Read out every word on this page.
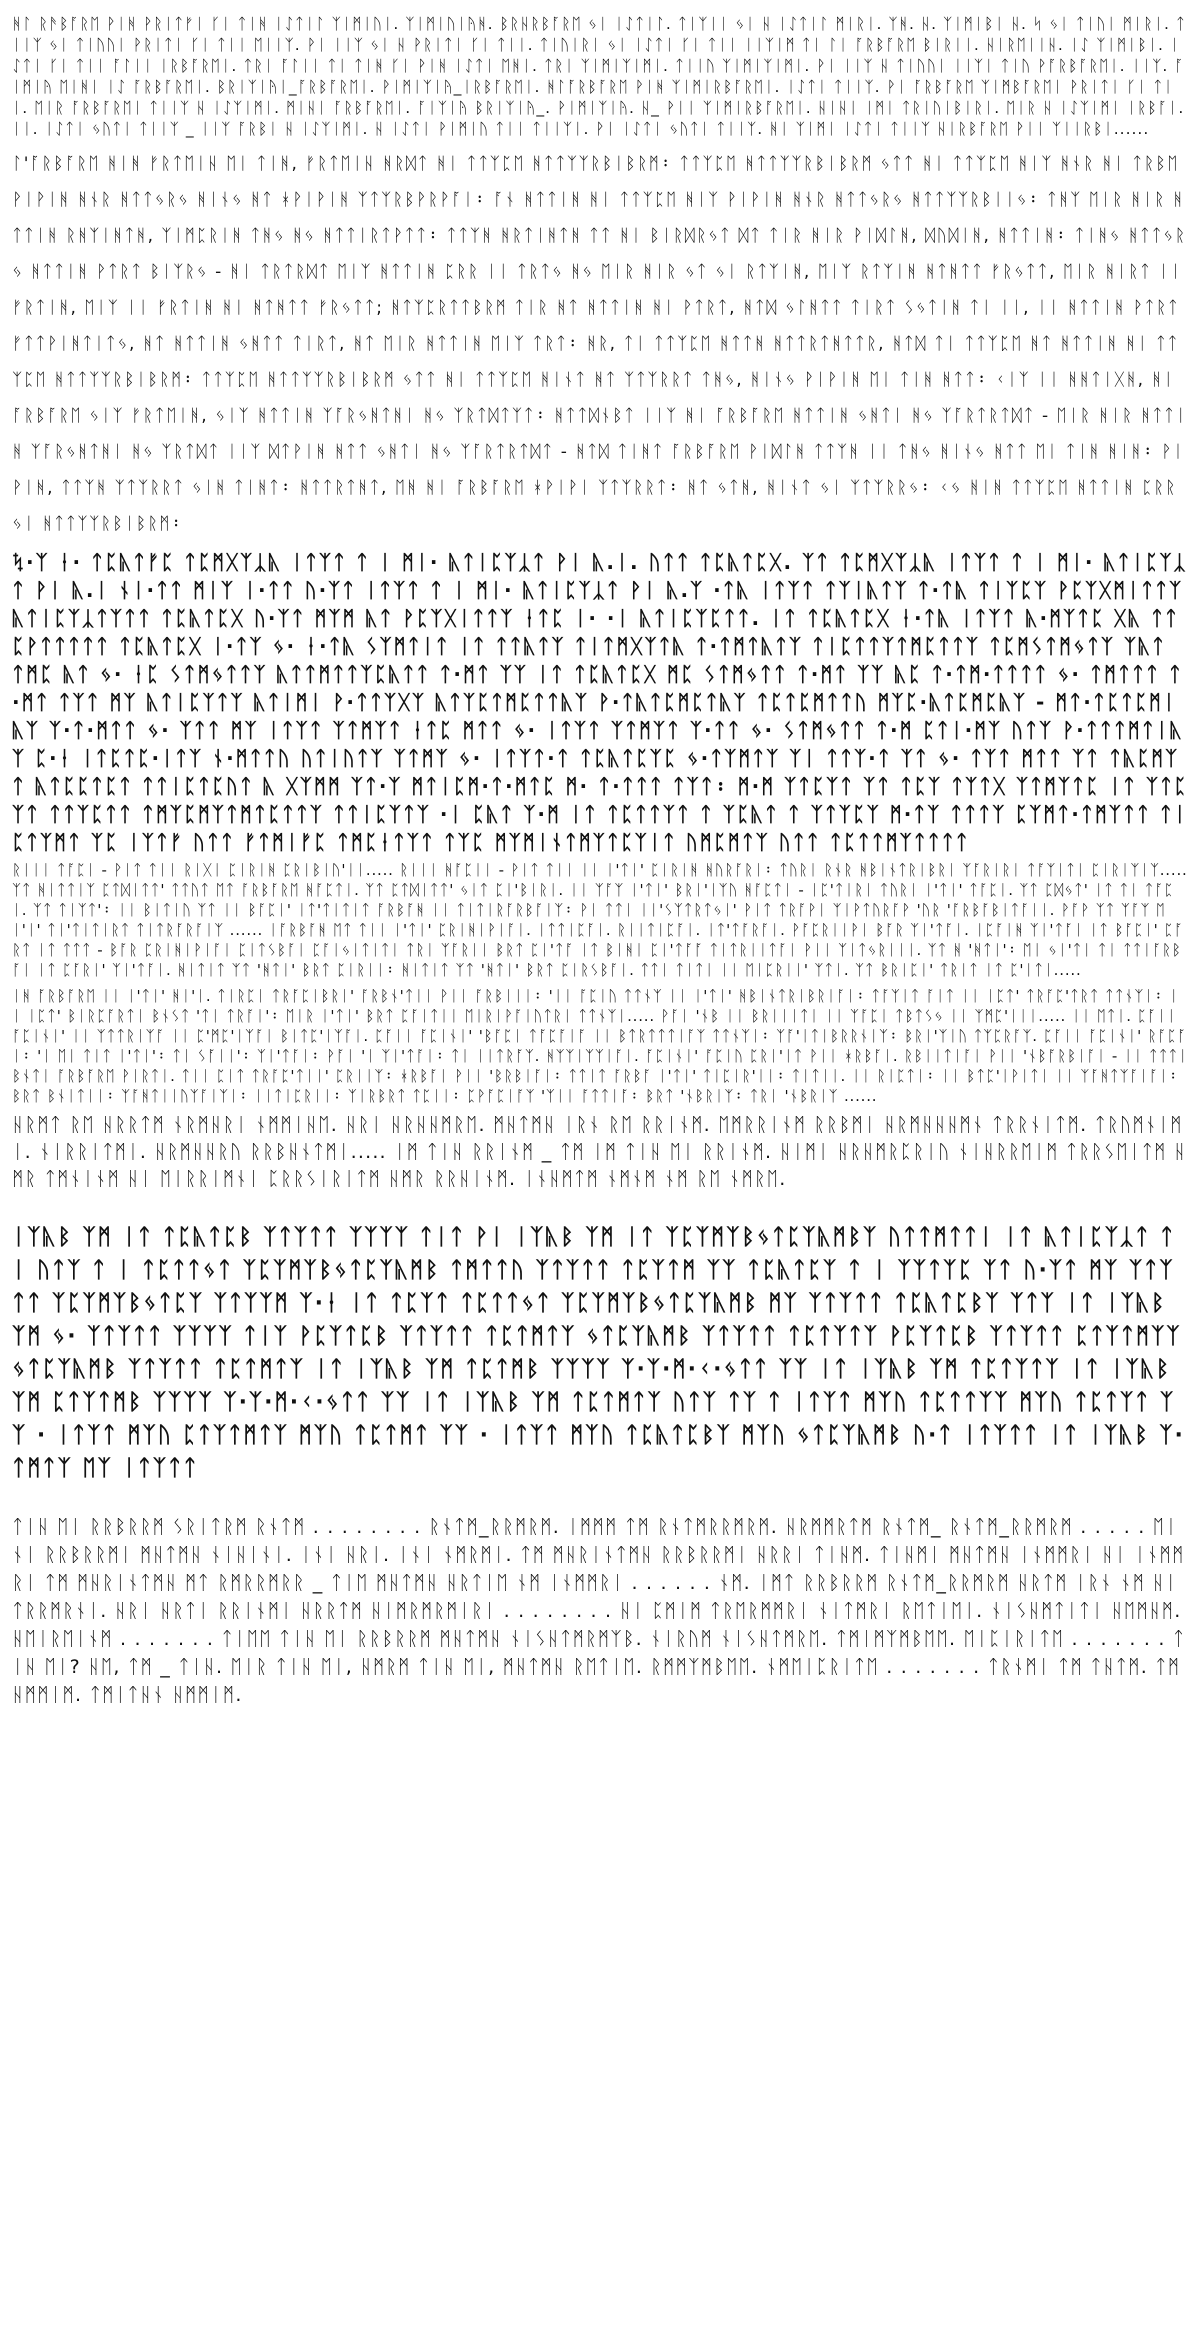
ᚻᛚ ᚱᚫᛒᚪᚱᛖ ᚹᛁᚻ ᚹᚱᛁᛏᚠᛁ ᚴᛁ ᛏᛁᚻ ᛁᛇᛏᛁᛚ ᛉᛁᛗᛁᚢᛁ. ᛉᛁᛗᛁᚢᛁᚤᚻ. ᛒᚱᚺᚱᛒᚪᚱᛖ ᛃᛁ ᛁᛇᛏᛁᛚ. ᛏᛁᛉᛁᛁ ᛃᛁ ᚺ ᛁᛇᛏᛁᛚ ᛗᛁᚱᛁ. ᛉᚻ. ᚺ. ᛉᛁᛗᛁᛒᛁ ᚺ. ᛋ ᛃᛁ ᛏᛁᚢᛁ ᛗᛁᚱᛁ. ᛏᛁᛁᛉ ᛃᛁ ᛏᛁᚢᚢᛁ ᚹᚱᛁᛏᛁ ᚴᛁ ᛏᛁᛁ ᛖᛁᛁᛉ. ᚹᛁ ᛁᛁᛉ ᛃᛁ ᚺ ᚹᚱᛁᛏᛁ ᚴᛁ ᛏᛁᛁ. ᛏᛁᚢᛁᚱᛁ ᛃᛁ ᛁᛇᛏᛁ ᚴᛁ ᛏᛁᛁ ᛁᛁᛉᛁᛗ ᛏᛁ ᛚᛁ ᚪᚱᛒᚪᚱᛖ ᛒᛁᚱᛁᛁ. ᚺᛁᚱᛖᛁᛁᚺ. ᛁᛇ ᛉᛁᛗᛁᛒᛁ. ᛁᛇᛏᛁ ᚴᛁ ᛏᛁᛁ ᚪᛚᛁᛁ ᛁᚱᛒᚪᚱᛖᛁ. ᛏᚱᛁ ᚪᛚᛁᛁ ᛏᛁ ᛏᛁᚻ ᚴᛁ ᚹᛁᚻ ᛁᛇᛏᛁ ᛖᚻᛁ. ᛏᚱᛁ ᛉᛁᛗᛁᛉᛁᛗᛁ. ᛏᛁᛁᚢ ᛉᛁᛗᛁᛉᛁᛗᛁ. ᚹᛁ ᛁᛁᛉ ᚺ ᛏᛁᚢᚢᛁ ᛁᛁᛉᛁ ᛏᛁᚢ ᚹᚪᚱᛒᚪᚱᛖᛁ. ᛁᛁᛉ. ᚪᛁᛗᛁᚤ ᛖᛁᚻᛁ ᛁᛇ ᚪᚱᛒᚪᚱᛖᛁ. ᛒᚱᛁᛉᛁᚤᛁ_ᚪᚱᛒᚪᚱᛖᛁ. ᚹᛁᛗᛁᛉᛁᚤ_ᛁᚱᛒᚪᚱᛖᛁ. ᚻᛚᚪᚱᛒᚪᚱᛖ ᚹᛁᚻ ᛉᛁᛗᛁᚱᛒᚪᚱᛖᛁ. ᛁᛇᛏᛁ ᛏᛁᛁᛉ. ᚹᛁ ᚪᚱᛒᚪᚱᛖ ᛉᛁᛗᛒᚪᚱᛖᛁ ᚹᚱᛁᛏᛁ ᚴᛁ ᛏᛁᛁ. ᛖᛁᚱ ᚪᚱᛒᚪᚱᛖᛁ ᛏᛁᛁᛉ ᚺ ᛁᛇᛉᛁᛗᛁ. ᛗᛁᚺᛁ ᚪᚱᛒᚪᚱᛖᛁ. ᚪᛁᛉᛁᚤ ᛒᚱᛁᛉᛁᚤ_. ᚹᛁᛗᛁᛉᛁᚤ. ᚺ_ ᚹᛁᛁ ᛉᛁᛗᛁᚱᛒᚪᚱᛖᛁ. ᚺᛁᚺᛁ ᛁᛗᛁ ᛏᚱᛁᚢᛁᛒᛁᚱᛁ. ᛖᛁᚱ ᚺ ᛁᛇᛉᛁᛗᛁ ᛁᚱᛒᚪᛁ. ᛁᛁ. ᛁᛇᛏᛁ ᛃᚢᛏᛁ ᛏᛁᛁᛉ _ ᛁᛁᛉ ᚪᚱᛒᛁ ᚺ ᛁᛇᛉᛁᛗᛁ. ᚺ ᛁᛇᛏᛁ ᚹᛁᛗᛁᚢ ᛏᛁᛁ ᛏᛁᛁᛉᛁ. ᚹᛁ ᛁᛇᛏᛁ ᛃᚢᛏᛁ ᛏᛁᛁᛉ. ᚻᛁ ᛉᛁᛗᛁ ᛁᛇᛏᛁ ᛏᛁᛁᛉ ᚺᛁᚱᛒᚪᚱᛖ ᚹᛁᛁ ᛉᛁᛁᚱᛒᛁ......

ᛚ'ᚪᚱᛒᚪᚱᛖ ᚻᛁᚻ ᚠᚱᛏᛖᛁᚺ ᛖᛁ ᛏᛁᚻ, ᚠᚱᛏᛖᛁᚺ ᚻᚱᛞᛏ ᚻᛁ ᛏᛏᛉᛈᛖ ᚻᛏᛏᛉᛉᚱᛒᛁᛒᚱᛗ᛬ ᛏᛏᛉᛈᛖ ᚻᛏᛏᛉᛉᚱᛒᛁᛒᚱᛗ ᛃᛏᛏ ᚻᛁ ᛏᛏᛉᛈᛖ ᚻᛁᛉ ᚻᚾᚱ ᚻᛁ ᛏᚱᛒᛖ ᚹᛁᚹᛁᚻ ᚻᚾᚱ ᚻᛏᛏᛃᚱᛃ ᚻᛁᚾᛃ ᚻᛏ ᚼᚹᛁᚹᛁᚻ ᛉᛏᛉᚱᛒᚹᚱᚹᚪᛁ᛬ ᚪᚾ ᚻᛏᛏᛁᚻ ᚻᛁ ᛏᛏᛉᛈᛖ ᚻᛁᛉ ᚹᛁᚹᛁᚻ ᚻᚾᚱ ᚻᛏᛏᛃᚱᛃ ᚻᛏᛏᛉᛉᚱᛒᛁᛁᛃ᛬ ᛏᚻᛉ ᛖᛁᚱ ᚻᛁᚱ ᚻᛏᛏᛁᚻ ᚱᚻᛉᛁᚻᛏᚻ, ᛉᛁᛗᛈᚱᛁᚻ ᛏᚻᛃ ᚻᛃ ᚻᛏᛏᛁᚱᛏᚹᛏᛏ᛬ ᛏᛏᛉᚻ ᚻᚱᛏᛁᚻᛏᚻ ᛏᛏ ᚻᛁ ᛒᛁᚱᛞᚱᛃᛏ ᛞᛏ ᛏᛁᚱ ᚻᛁᚱ ᚹᛁᛞᛚᚻ, ᛞᚢᛞᛁᚻ, ᚻᛏᛏᛁᚻ᛬ ᛏᛁᚻᛃ ᚻᛏᛏᛃᚱᛃ ᚻᛏᛏᛁᚻ ᚹᛏᚱᛏ ᛒᛁᛉᚱᛃ - ᚻᛁ ᛏᚱᛏᚱᛞᛏ ᛖᛁᛉ ᚻᛏᛏᛁᚻ ᛈᚱᚱ ᛁᛁ ᛏᚱᛏᛃ ᚻᛃ ᛖᛁᚱ ᚻᛁᚱ ᛃᛏ ᛃᛁ ᚱᛏᛉᛁᚻ, ᛖᛁᛉ ᚱᛏᛉᛁᚻ ᚻᛏᚻᛏᛏ ᚠᚱᛃᛏᛏ, ᛖᛁᚱ ᚻᛁᚱᛏ ᛁᛁ ᚠᚱᛏᛁᚻ, ᛖᛁᛉ ᛁᛁ ᚠᚱᛏᛁᚻ ᚻᛁ ᚻᛏᚻᛏᛏ ᚠᚱᛃᛏᛏ; ᚻᛏᛉᛈᚱᛏᛏᛒᚱᛗ ᛏᛁᚱ ᚻᛏ ᚻᛏᛏᛁᚻ ᚻᛁ ᚹᛏᚱᛏ, ᚻᛏᛞ ᛃᛚᚻᛏᛏ ᛏᛁᚱᛏ ᛊᛃᛏᛁᚻ ᛏᛁ ᛁᛁ, ᛁᛁ ᚻᛏᛏᛁᚻ ᚹᛏᚱᛏ ᚠᛏᛏᚹᛁᚻᛏᛁᛏᛃ, ᚻᛏ ᚻᛏᛏᛁᚻ ᛃᚻᛏᛏ ᛏᛁᚱᛏ, ᚻᛏ ᛖᛁᚱ ᚻᛏᛏᛁᚻ ᛖᛁᛉ ᛏᚱᛏ᛬ ᚻᚱ, ᛏᛁ ᛏᛏᛉᛈᛖ ᚻᛏᛏᚻ ᚻᛏᛏᚱᛏᚻᛏᛏᚱ, ᚻᛏᛞ ᛏᛁ ᛏᛏᛉᛈᛖ ᚻᛏ ᚻᛏᛏᛁᚻ ᚻᛁ ᛏᛏᛉᛈᛖ ᚻᛏᛏᛉᛉᚱᛒᛁᛒᚱᛗ᛬ ᛏᛏᛉᛈᛖ ᚻᛏᛏᛉᛉᚱᛒᛁᛒᚱᛗ ᛃᛏᛏ ᚻᛁ ᛏᛏᛉᛈᛖ ᚻᛁᚾᛏ ᚻᛏ ᛉᛏᛉᚱᚱᛏ ᛏᚻᛃ, ᚻᛁᚾᛃ ᚹᛁᚹᛁᚻ ᛖᛁ ᛏᛁᚻ ᚻᛏᛏ᛬ ᚲᛁᛉ ᛁᛁ ᚻᚻᛏᛁᚷᚻ, ᚻᛁ ᚪᚱᛒᚪᚱᛖ ᛃᛁᛉ ᚠᚱᛏᛖᛁᚻ, ᛃᛁᛉ ᚻᛏᛏᛁᚻ ᛉᚪᚱᛃᚻᛏᚻᛁ ᚻᛃ ᛉᚱᛏᛞᛏᛉᛏ᛬ ᚻᛏᛏᛞᚾᛒᛏ ᛁᛁᛉ ᚻᛁ ᚪᚱᛒᚪᚱᛖ ᚻᛏᛏᛁᚻ ᛃᚻᛏᛁ ᚻᛃ ᛉᚪᚱᛏᚱᛏᛞᛏ - ᛖᛁᚱ ᚻᛁᚱ ᚻᛏᛏᛁᚻ ᛉᚪᚱᛃᚻᛏᚻᛁ ᚻᛃ ᛉᚱᛏᛞᛏ ᛁᛁᛉ ᛞᛏᚹᛁᚻ ᚻᛏᛏ ᛃᚻᛏᛁ ᚻᛃ ᛉᚪᚱᛏᚱᛏᛞᛏ - ᚻᛏᛞ ᛏᛁᚻᛏ ᚪᚱᛒᚪᚱᛖ ᚹᛁᛞᛚᚻ ᛏᛏᛉᚻ ᛁᛁ ᛏᚻᛃ ᚻᛁᚾᛃ ᚻᛏᛏ ᛖᛁ ᛏᛁᚻ ᚻᛁᚻ᛬ ᚹᛁᚹᛁᚻ, ᛏᛏᛉᚻ ᛉᛏᛉᚱᚱᛏ ᛃᛁᚻ ᛏᛁᚻᛏ᛬ ᚻᛏᛏᚱᛏᚻᛏ, ᛖᚻ ᚻᛁ ᚪᚱᛒᚪᚱᛖ ᚼᚹᛁᚹᛁ ᛉᛏᛉᚱᚱᛏ᛬ ᚻᛏ ᛃᛏᚻ, ᚻᛁᚾᛏ ᛃᛁ ᛉᛏᛉᚱᚱᛃ᛬ ᚲᛃ ᚻᛁᚻ ᛏᛏᛉᛈᛖ ᚻᛏᛏᛁᚻ ᛈᚱᚱ ᛃᛁ ᚻᛏᛏᛉᛉᚱᛒᛁᛒᚱᛗ᛬

ᛪ·ᛉ ᛂ· ᛏᛈᚣᛏᚠᛈ ᛏᛈᛗᚷᛉᛣᚣ ᛁᛏᛉᛏ ᛏ ᛁ ᛗᛁ· ᚣᛏᛁᛈᛉᛣᛏ ᚹᛁ ᚣ.ᛁ. ᚢᛏᛏ ᛏᛈᚣᛏᛈᚷ. ᛉᛏ ᛏᛈᛗᚷᛉᛣᚣ ᛁᛏᛉᛏ ᛏ ᛁ ᛗᛁ· ᚣᛏᛁᛈᛉᛣᛏ ᚹᛁ ᚣ.ᛁ ᚾᛁ·ᛏᛏ ᛗᛁᛉ ᛁ·ᛏᛏ ᚢ·ᛉᛏ ᛁᛏᛉᛏ ᛏ ᛁ ᛗᛁ· ᚣᛏᛁᛈᛉᛣᛏ ᚹᛁ ᚣ.ᛉ ·ᛏᚣ ᛁᛏᛉᛏ ᛏᛉᛁᚣᛏᛉ ᛏ·ᛏᚣ ᛏᛁᛉᛈᛉ ᚹᛈᛉᚷᛗᛁᛏᛏᛉ ᚣᛏᛁᛈᛉᛣᛏᛉᛏᛏ ᛏᛈᚣᛏᛈᚷ ᚢ·ᛉᛏ ᛗᛉᛗ ᚣᛏ ᚹᛈᛉᚷᛁᛏᛏᛉ ᛂᛏᛈ ᛁ· ·ᛁ ᚣᛏᛁᛈᛉᛈᛏᛏ. ᛁᛏ ᛏᛈᚣᛏᛈᚷ ᛂ·ᛏᚣ ᛁᛏᛉᛏ ᚣ·ᛗᛉᛏᛈ ᚷᚣ ᛏᛏᛈᚹᛏᛏᛏᛏᛏ ᛏᛈᚣᛏᛈᚷ ᛁ·ᛏᛉ ᛃ· ᛂ·ᛏᚣ ᛊᛉᛗᛏᛁᛏ ᛁᛏ ᛏᛏᚣᛏᛉ ᛏᛁᛏᛗᚷᛉᛏᚣ ᛏ·ᛏᛗᛏᚣᛏᛉ ᛏᛁᛈᛏᛏᛉᛏᛗᛈᛏᛏᛉ ᛏᛈᛗᛊᛏᛗᛃᛏᛉ ᛉᚣᛏ ᛏᛗᛈ ᚣᛏ ᛃ· ᛂᛈ ᛊᛏᛗᛃᛏᛏᛉ ᚣᛏᛏᛗᛏᛏᛉᛈᚣᛏᛏ ᛏ·ᛗᛏ ᛉᛉ ᛁᛏ ᛏᛈᚣᛏᛈᚷ ᛗᛈ ᛊᛏᛗᛃᛏᛏ ᛏ·ᛗᛏ ᛉᛉ ᚣᛈ ᛏ·ᛏᛗ·ᛏᛏᛏᛏ ᛃ· ᛏᛗᛏᛏᛏ ᛏ·ᛗᛏ ᛏᛉᛏ ᛗᛉ ᚣᛏᛁᛈᛉᛏᛉ ᚣᛏᛁᛗᛁ ᚹ·ᛏᛏᛉᚷᛉ ᚣᛏᛉᛈᛏᛗᛈᛏᛏᚣᛉ ᚹ·ᛏᚣᛏᛈᛗᛈᛏᚣᛉ ᛏᛈᛏᛈᛗᛏᛏᚢ ᛗᛉᛈ·ᚣᛏᛈᛗᛈᚣᛉ - ᛗᛏ·ᛏᛈᛏᛈᛗᛁᚣᛉ ᛉ·ᛏ·ᛗᛏᛏ ᛃ· ᛉᛏᛏ ᛗᛉ ᛁᛏᛉᛏ ᛉᛏᛗᛉᛏ ᛂᛏᛈ ᛗᛏᛏ ᛃ· ᛁᛏᛉᛏ ᛉᛏᛗᛉᛏ ᛉ·ᛏᛏ ᛃ· ᛊᛏᛗᛃᛏᛏ ᛏ·ᛗ ᛈᛏᛁ·ᛗᛉ ᚢᛏᛉ ᚹ·ᛏᛏᛏᛗᛏᛁᚣᛉ ᛈ·ᛂ ᛁᛏᛈᛏᛈ·ᛁᛏᛉ ᚾ·ᛗᛏᛏᚢ ᚢᛏᛁᚢᛏᛉ ᛉᛏᛗᛉ ᛃ· ᛁᛏᛉᛏ·ᛏ ᛏᛈᚣᛏᛈᛉᛈ ᛃ·ᛏᛉᛗᛏᛉ ᛉᛁ ᛏᛏᛉ·ᛏ ᛉᛏ ᛃ· ᛏᛉᛏ ᛗᛏᛏ ᛉᛏ ᛏᚣᛈᛗᛉᛏ ᚣᛏᛈᛈᛏᛈᛏ ᛏᛏᛁᛈᛏᛈᚢᛏ ᚣ ᚷᛉᛗᛗ ᛉᛏ·ᛉ ᛗᛏᛁᛈᛗ·ᛏ·ᛗᛏᛈ ᛗ· ᛏ·ᛏᛏᛏ ᛏᛉᛏ᛬ ᛗ·ᛗ ᛉᛏᛈᛉᛏ ᛉᛏ ᛏᛈᛉ ᛏᛉᛏᚷ ᛉᛏᛗᛉᛏᛈ ᛁᛏ ᛉᛏᛈᛉᛏ ᛏᛏᛉᛈᛏᛏ ᛏᛗᛉᛈᛗᛉᛏᛗᛏᛈᛏᛏᛉ ᛏᛏᛁᛈᛉᛏᛉ ·ᛁ ᛈᚣᛏ ᛉ·ᛗ ᛁᛏ ᛏᛈᛏᛏᛉᛏ ᛏ ᛉᛈᚣᛏ ᛏ ᛉᛏᛉᛈᛉ ᛗ·ᛏᛉ ᛏᛏᛏᛉ ᛈᛉᛗᛏ·ᛏᛗᛉᛏᛏ ᛏᛁᛈᛏᛉᛗᛏ ᛉᛈ ᛁᛉᛏᚠ ᚢᛏᛏ ᚠᛏᛗᛁᚠᛈ ᛏᛗᛈᛂᛏᛉᛏ ᛏᛉᛈ ᛗᛉᛗᛁᚾᛏᛗᛉᛏᛈᛉᛁᛏ ᚢᛗᛈᛗᛏᛉ ᚢᛏᛏ ᛏᛈᛏᛏᛗᛉᛏᛏᛏᛏ

ᚱᛁᛁᛁ ᛏᚪᛈᛁ - ᚹᛁᛏ ᛏᛁᛁ ᚱᛁᚷᛁ ᛈᛁᚱᛁᚻ ᛈᚱᛁᛒᛁᚢ'ᛁᛁ..... ᚱᛁᛁᛁ ᚻᚪᛈᛁᛁ - ᚹᛁᛏ ᛏᛁᛁ ᛁᛁ ᛁ'ᛏᛁ' ᛈᛁᚱᛁᚻ ᚻᚢᚱᚪᚱᛁ᛬ ᛏᚢᚱᛁ ᚱᚾᚱ ᚻᛒᛁᚾᛏᚱᛁᛒᚱᛁ ᛉᚪᚱᛁᚱᛁ ᛏᚪᛉᛁᛏᛁ ᛈᛁᚱᛁᛉᛁᛉ..... ᛉᛏ ᚻᛁᛏᛏᛁᛉ ᛈᛏᛞᛁᛏᛏ' ᛏᛏᚢᛏ ᛖᛏ ᚪᚱᛒᚪᚱᛖ ᚻᚪᛈᛏᛁ. ᛉᛏ ᛈᛏᛞᛁᛏᛏ' ᛃᛁᛏ ᛈᛁ'ᛒᛁᚱᛁ. ᛁᛁ ᛉᚪᛉ ᛁ'ᛏᛁ' ᛒᚱᛁ'ᛁᛉᚢ ᚻᚪᛈᛏᛁ - ᛁᛈ'ᛏᛁᚱᛁ ᛏᚢᚱᛁ ᛁ'ᛏᛁ' ᛏᚪᛈᛁ. ᛉᛏ ᛈᛞᛃᛏ' ᛁᛏ ᛏᛁ ᛏᚪᛈᛁ. ᛉᛏ ᛏᛁᛉᛏ'᛬ ᛁᛁ ᛒᛁᛏᛁᚢ ᛉᛏ ᛁᛁ ᛒᚪᛈᛁ' ᛁᛏ'ᛏᛁᛏᛁᛏ ᚪᚱᛒᚪᚻ ᛁᛁ ᛏᛁᛏᛁᚱᚪᚱᛒᚪᛁᛉ᛬ ᚹᛁ ᛏᛏᛁ ᛁᛁ'ᛊᛉᛏᚱᛏᛃᛁ' ᚹᛁᛏ ᛏᚱᚪᚹᛁ ᛉᛁᚹᛏᚢᚱᚪᚹ 'ᚢᚱ 'ᚪᚱᛒᚪᛒᛁᛏᚪᛁᛁ. ᚹᚪᚹ ᛉᛏ ᛉᚪᛉ ᛖᛁ'ᛁ' ᛏᛁ'ᛏᛁᛏᛁᚱᛏ ᛏᛁᛏᚱᚪᚱᚪᛁᛉ ...... ᛁᚪᚱᛒᚪᚻ ᛖᛏ ᛏᛁᛁ ᛁ'ᛏᛁ' ᛈᚱᛁᚻᛁᚹᛁᚪᛁ. ᛁᛏᛏᛁᛈᚪᛁ. ᚱᛁᛁᛏᛁᛈᚪᛁ. ᛁᛏ'ᛏᚪᚱᚪᛁ. ᚹᚪᛈᚱᛁᛁᚹᛁ ᛒᚪᚱ ᛉᛁ'ᛏᚪᛁ. ᛁᛈᚪᛁᚻ ᛉᛁ'ᛏᚪᛁ ᛁᛏ ᛒᚪᛈᛁ' ᛈᚪᚱᛏ ᛁᛏ ᛏᛏᛏ - ᛒᚪᚱ ᛈᚱᛁᚻᛁᚹᛁᚪᛁ ᛈᛁᛏᛊᛒᚪᛁ ᛈᚪᛁᛃᛁᛏᛁᛏᛁ ᛏᚱᛁ ᛉᚪᚱᛁᛁ ᛒᚱᛏ ᛈᛁ'ᛏᚪ ᛁᛏ ᛒᛁᚻᛁ ᛈᛁ'ᛏᚪᚪ ᛏᛁᛏᚱᛁᛁᛏᚪᛁ ᚹᛁᛁ ᛉᛁᛏᛃᚱᛁᛁᛁ. ᛉᛏ ᚻ 'ᚻᛏᛁ'᛬ ᛖᛁ ᛃᛁ'ᛏᛁ ᛏᛁ ᛏᛏᛁᚪᚱᛒᚪᛁ ᛁᛏ ᛈᚪᚱᛁ' ᛉᛁ'ᛏᚪᛁ. ᚻᛁᛏᛁᛏ ᛉᛏ 'ᚻᛏᛁ' ᛒᚱᛏ ᛈᛁᚱᛁᛁ᛬ ᚻᛁᛏᛁᛏ ᛉᛏ 'ᚻᛏᛁ' ᛒᚱᛏ ᛈᛁᚱᛊᛒᚪᛁ. ᛏᛏᛁ ᛏᛁᛏᛁ ᛁᛁ ᛖᛁᛈᚱᛁᛁ' ᛉᛏᛁ. ᛉᛏ ᛒᚱᛁᛈᛁ' ᛏᚱᛁᛏ ᛁᛏ ᛈ'ᛁᛏᛁ.....

ᛁᚻ ᚪᚱᛒᚪᚱᛖ ᛁᛁ ᛁ'ᛏᛁ' ᚻᛁ'ᛁ. ᛏᛁᚱᛈᛁ ᛏᚱᚪᛈᛁᛒᚱᛁ' ᚪᚱᛒᚾ'ᛏᛁᛁ ᚹᛁᛁ ᚪᚱᛒᛁᛁᛁ᛬ 'ᛁᛁ ᚪᛈᛁᚢ ᛏᛏᚾᛉ ᛁᛁ ᛁ'ᛏᛁ' ᚻᛒᛁᚾᛏᚱᛁᛒᚱᛁᚪᛁ᛬ ᛏᚪᛉᛁᛏ ᚪᛁᛏ ᛁᛁ ᛁᛈᛏ' ᛏᚱᚪᛈ'ᛏᚱᛏ ᛏᛏᚾᛉᛁ᛬ ᛁᛁ ᛁᛈᛏ' ᛒᛁᚱᛈᚪᚱᛏᛁ ᛒᚾᛊᛏ 'ᛏᛁ ᛏᚱᚪᛁ'᛬ ᛖᛁᚱ ᛁ'ᛏᛁ' ᛒᚱᛏ ᛈᚪᛁᛏᛁᛁ ᛖᛁᚱᛁᚹᚪᛁᚢᛏᚱᛁ ᛏᛏᚾᛉᛁ..... ᚹᚪᛁ 'ᚾᛒ ᛁᛁ ᛒᚱᛁᛁᛁᛏᛁ ᛁᛁ ᛉᚪᛈᛁ ᛏᛒᛏᛊᛃ ᛁᛁ ᛉᛗᛈ'ᛁᛁᛁ..... ᛁᛁ ᛖᛏᛁ. ᛈᚪᛁᛁ ᚪᛈᛁᚾᛁ' ᛁᛁ ᛉᛏᛏᚱᛁᛉᚪ ᛁᛁ ᛈ'ᛗᛈ'ᛁᛉᚪᛁ ᛒᛁᛏᛈ'ᛁᛉᚪᛁ. ᛈᚪᛁᛁ ᚪᛈᛁᚾᛁ' 'ᛒᚪᛈᛁ ᛏᚪᛈᚪᛁᚪ ᛁᛁ ᛒᛏᚱᛏᛏᛏᛁᚪᛉ ᛏᛏᚾᛉᛁ᛬ ᛉᚪ'ᛁᛏᛁᛒᚱᚱᚾᛁᛉ᛬ ᛒᚱᛁ'ᛉᛁᚢ ᛏᛉᛈᚱᚪᛉ. ᛈᚪᛁᛁ ᚪᛈᛁᚾᛁ' ᚱᚪᛈᚪᛁ᛬ 'ᛁ ᛖᛁ ᛏᛁᛏ ᛁ'ᛏᛁ'᛬ ᛏᛁ ᛊᚪᛁᛁ'᛬ ᛉᛁ'ᛏᚪᛁ᛬ ᚹᚪᛁ 'ᛁ ᛉᛁ'ᛏᚪᛁ᛬ ᛏᛁ ᛁᛁᛏᚱᚪᛉ. ᚻᛉᛉᛁᛉᛉᛁᚪᛁ. ᚪᛈᛁᚾᛁ' ᚪᛈᛁᚢ ᛈᚱᛁ'ᛁᛏ ᚹᛁᛁ ᚼᚱᛒᚪᛁ. ᚱᛒᛁᛁᛏᛁᚪᛁ ᚹᛁᛁ 'ᚾᛒᚪᚱᛒᛁᚪᛁ - ᛁᛁ ᛏᛏᛏᛁᛒᚾᛏᛁ ᚪᚱᛒᚪᚱᛖ ᚹᛁᚱᛏᛁ. ᛏᛁᛁ ᛈᛁᛏ ᛏᚱᚪᛈ'ᛏᛁᛁ' ᛈᚱᛁᛁᛉ᛬ ᚼᚱᛒᚪᛁ ᚹᛁᛁ 'ᛒᚱᛒᛁᚪᛁ᛬ ᛏᛏᛁᛏ ᚪᚱᛒᚪ ᛁ'ᛏᛁ' ᛏᛁᛈᛁᚱ'ᛁᛁ᛬ ᛏᛁᛏᛁᛁ. ᛁᛁ ᚱᛁᛈᛏᛁ᛬ ᛁᛁ ᛒᛏᛈ'ᛁᚹᛁᛏᛁ ᛁᛁ ᛉᚪᚻᛏᛉᚪᛁᚪᛁ᛬ ᛒᚱᛏ ᛒᚾᛁᛏᛁᛁ᛬ ᛉᚪᚻᛏᛁᛁᚢᛉᚪᛁᛉᛁ᛬ ᛁᛁᛏᛁᛈᚱᛁᛁ᛬ ᛉᛁᚱᛒᚱᛏ ᛏᛈᛁᛁ᛬ ᛈᚹᚪᛈᛁᚪᛉ 'ᛉᛁᛁ ᚪᛏᛏᛁᚪ᛬ ᛒᚱᛏ 'ᚾᛒᚱᛁᛉ᛬ ᛏᚱᛁ 'ᚾᛒᚱᛁᛉ ......

ᚺᚱᛗᛏ ᚱᛖ ᚺᚱᚱᛏᛗ ᚾᚱᛗᚺᚱᛁ ᚾᛗᛗᛁᚺᛖ. ᚺᚱᛁ ᚺᚱᚺᚺᛗᚱᛖ. ᛗᚺᛏᛗᚺ ᛁᚱᚾ ᚱᛖ ᚱᚱᛁᚾᛗ. ᛖᛗᚱᚱᛁᚾᛗ ᚱᚱᛒᛗᛁ ᚺᚱᛗᚺᚺᚺᛗᚾ ᛏᚱᚱᚾᛁᛏᛗ. ᛏᚱᚢᛗᚾᛁᛗᛁ. ᚾᛁᚱᚱᛁᛏᛗᛁ. ᚺᚱᛗᚺᚺᚱᚢ ᚱᚱᛒᚺᚾᛏᛗᛁ..... ᛁᛗ ᛏᛁᚺ ᚱᚱᛁᚾᛗ _ ᛏᛗ ᛁᛗ ᛏᛁᚺ ᛖᛁ ᚱᚱᛁᚾᛗ. ᚺᛁᛗᛁ ᚺᚱᚺᛗᚱᛈᚱᛁᚢ ᚾᛁᚺᚱᚱᛖᛁᛗ ᛏᚱᚱᛊᛖᛁᛏᛗ ᚺᛗᚱ ᛏᛗᚾᛁᚾᛗ ᚺᛁ ᛖᛁᚱᚱᛁᛗᚾᛁ ᛈᚱᚱᛊᛁᚱᛁᛏᛗ ᚺᛗᚱ ᚱᚱᚺᛁᚾᛗ. ᛁᚾᚺᛗᛏᛗ ᚾᛗᚾᛗ ᚾᛗ ᚱᛖ ᚾᛗᚱᛖ.

ᛁᛉᚣᛒ ᛉᛗ ᛁᛏ ᛏᛈᚣᛏᛈᛒ ᛉᛏᛉᛏᛏ ᛉᛉᛉᛉ ᛏᛁᛏ ᚹᛁ ᛁᛉᚣᛒ ᛉᛗ ᛁᛏ ᛉᛈᛉᛗᛉᛒᛃᛏᛈᛉᚣᛗᛒᛉ ᚢᛏᛏᛗᛏᛏᛁ ᛁᛏ ᚣᛏᛁᛈᛉᛣᛏ ᛏ ᛁ ᚢᛏᛉ ᛏ ᛁ ᛏᛈᛏᛏᛃᛏ ᛉᛈᛉᛗᛉᛒᛃᛏᛈᛉᚣᛗᛒ ᛏᛗᛏᛏᚢ ᛉᛏᛉᛏᛏ ᛏᛈᛉᛏᛗ ᛉᛉ ᛏᛈᚣᛏᛈᛉ ᛏ ᛁ ᛉᛉᛏᛉᛈ ᛉᛏ ᚢ·ᛉᛏ ᛗᛉ ᛉᛏᛉᛏᛏ ᛉᛈᛉᛗᛉᛒᛃᛏᛈᛉ ᛉᛏᛉᛉᛗ ᛉ·ᛂ ᛁᛏ ᛏᛈᛉᛏ ᛏᛈᛏᛏᛃᛏ ᛉᛈᛉᛗᛉᛒᛃᛏᛈᛉᚣᛗᛒ ᛗᛉ ᛉᛏᛉᛏᛏ ᛏᛈᚣᛏᛈᛒᛉ ᛉᛏᛉ ᛁᛏ ᛁᛉᚣᛒ ᛉᛗ ᛃ· ᛉᛏᛉᛏᛏ ᛉᛉᛉᛉ ᛏᛁᛉ ᚹᛈᛉᛏᛈᛒ ᛉᛏᛉᛏᛏ ᛏᛈᛏᛗᛏᛉ ᛃᛏᛈᛉᚣᛗᛒ ᛉᛏᛉᛏᛏ ᛏᛈᛏᛉᛏᛉ ᚹᛈᛉᛏᛈᛒ ᛉᛏᛉᛏᛏ ᛈᛏᛉᛏᛗᛉᛉ ᛃᛏᛈᛉᚣᛗᛒ ᛉᛏᛉᛏᛏ ᛏᛈᛏᛗᛏᛉ ᛁᛏ ᛁᛉᚣᛒ ᛉᛗ ᛏᛈᛏᛗᛒ ᛉᛉᛉᛉ ᛉ·ᛉ·ᛗ·ᚲ·ᛃᛏᛏ ᛉᛉ ᛁᛏ ᛁᛉᚣᛒ ᛉᛗ ᛏᛈᛏᛉᛏᛉ ᛁᛏ ᛁᛉᚣᛒ ᛉᛗ ᛈᛏᛉᛏᛗᛒ ᛉᛉᛉᛉ ᛉ·ᛉ·ᛗ·ᚲ·ᛃᛏᛏ ᛉᛉ ᛁᛏ ᛁᛉᚣᛒ ᛉᛗ ᛏᛈᛏᛗᛏᛉ ᚢᛏᛉ ᛏᛉ ᛏ ᛁᛏᛉᛏ ᛗᛉᚢ ᛏᛈᛏᛏᛉᛉ ᛗᛉᚢ ᛏᛈᛏᛉᛏ ᛉᛉ · ᛁᛏᛉᛏ ᛗᛉᚢ ᛈᛏᛉᛏᛗᛏᛉ ᛗᛉᚢ ᛏᛈᛏᛗᛏ ᛉᛉ · ᛁᛏᛉᛏ ᛗᛉᚢ ᛏᛈᚣᛏᛈᛒᛉ ᛗᛉᚢ ᛃᛏᛈᛉᚣᛗᛒ ᚢ·ᛏ ᛁᛏᛉᛏᛏ ᛁᛏ ᛁᛉᚣᛒ ᛉ·ᛏᛗᛏᛉ ᛖᛉ ᛁᛏᛉᛏᛏ

ᛏᛁᚺ ᛖᛁ ᚱᚱᛒᚱᚱᛗ ᛊᚱᛁᛏᚱᛗ ᚱᚾᛏᛗ . . . . . . . . ᚱᚾᛏᛗ_ᚱᚱᛗᚱᛗ. ᛁᛗᛗᛗ ᛏᛗ ᚱᚾᛏᛗᚱᚱᛗᚱᛗ. ᚺᚱᛗᛗᚱᛏᛗ ᚱᚾᛏᛗ_ ᚱᚾᛏᛗ_ᚱᚱᛗᚱᛗ . . . . . ᛖᛁᚾᛁ ᚱᚱᛒᚱᚱᛗᛁ ᛗᚺᛏᛗᚺ ᚾᛁᚺᛁᚾᛁ. ᛁᚾᛁ ᚺᚱᛁ. ᛁᚾᛁ ᚾᛗᚱᛗᛁ. ᛏᛗ ᛗᚺᚱᛁᚾᛏᛗᚺ ᚱᚱᛒᚱᚱᛗᛁ ᚺᚱᚱᛁ ᛏᛁᚺᛗ. ᛏᛁᚺᛗᛁ ᛗᚺᛏᛗᚺ ᛁᚾᛗᛗᚱᛁ ᚺᛁ ᛁᚾᛗᛗᚱᛁ ᛏᛗ ᛗᚺᚱᛁᚾᛏᛗᚺ ᛗᛏ ᚱᛗᚱᚱᛗᚱᚱ _ ᛏᛁᛖ ᛗᚺᛏᛗᚺ ᚺᚱᛏᛁᛖ ᚾᛗ ᛁᚾᛗᛗᚱᛁ . . . . . . ᚾᛗ. ᛁᛗᛏ ᚱᚱᛒᚱᚱᛗ ᚱᚾᛏᛗ_ᚱᚱᛗᚱᛗ ᚺᚱᛏᛗ ᛁᚱᚾ ᚾᛗ ᚺᛁᛏᚱᚱᛗᚱᚾᛁ. ᚺᚱᛁ ᚺᚱᛏᛁ ᚱᚱᛁᚾᛗᛁ ᚺᚱᚱᛏᛗ ᚺᛁᛗᚱᛗᚱᛗᛁᚱᛁ . . . . . . . . ᚺᛁ ᛈᛗᛁᛗ ᛏᚱᛖᚱᛗᛗᚱᛁ ᚾᛁᛏᛗᚱᛁ ᚱᛖᛏᛁᛖᛁ. ᚾᛁᛊᚺᛗᛏᛁᛏᛁ ᚺᛖᛗᚺᛗ. ᚺᛖᛁᚱᛖᛁᚾᛗ . . . . . . . ᛏᛁᛖᛖ ᛏᛁᚺ ᛖᛁ ᚱᚱᛒᚱᚱᛗ ᛗᚺᛏᛗᚺ ᚾᛁᛊᚺᛏᛗᚱᛗᛉᛒ. ᚾᛁᚱᚢᛗ ᚾᛁᛊᚺᛏᛗᚱᛖ. ᛏᛗᛁᛗᛉᛗᛒᛖᛖ. ᛖᛁᛈᛁᚱᛁᛏᛖ . . . . . . . ᛏᛁᚺ ᛖᛁ? ᚺᛖ, ᛏᛗ _ ᛏᛁᚺ. ᛖᛁᚱ ᛏᛁᚺ ᛖᛁ, ᚺᛗᚱᛗ ᛏᛁᚺ ᛖᛁ, ᛗᚺᛏᛗᚺ ᚱᛖᛏᛁᛖ. ᚱᛗᛗᛉᛗᛒᛖᛖ. ᚾᛗᛖᛁᛈᚱᛁᛏᛖ . . . . . . . ᛏᚱᚾᛗᛁ ᛏᛗ ᛏᚺᛏᛗ. ᛏᛗ ᚺᛗᛗᛁᛗ. ᛏᛗᛁᛏᚺᚾ ᚺᛗᛗᛁᛗ.
